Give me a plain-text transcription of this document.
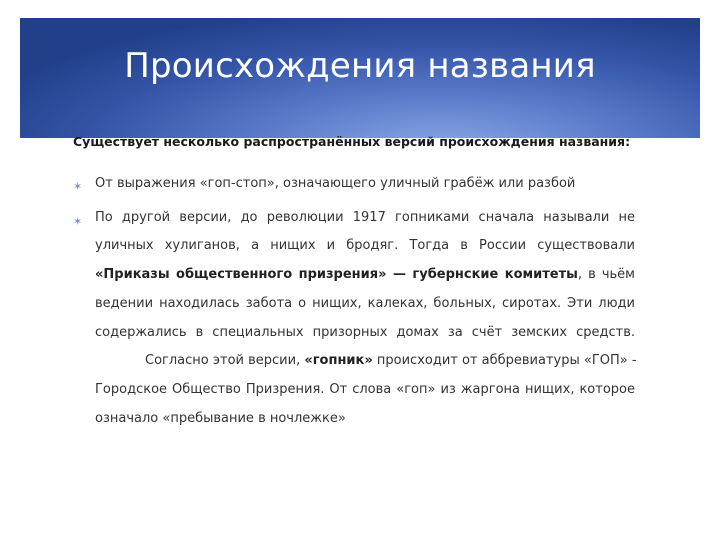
Происхождения названия
Существует несколько распространённых версий происхождения названия:
✶ От выражения «гоп-стоп», означающего уличный грабёж или разбой
✶ По другой версии, до революции 1917 гопниками сначала называли не
уличных хулиганов, а нищих и бродяг. Тогда в России существовали
«Приказы общественного призрения» — губернские комитеты, в чьём
ведении находилась забота о нищих, калеках, больных, сиротах. Эти люди
содержались в специальных призорных домах за счёт земских средств.
Согласно этой версии, «гопник» происходит от аббревиатуры «ГОП» -
Городское Общество Призрения. От слова «гоп» из жаргона нищих, которое
означало «пребывание в ночлежке»
